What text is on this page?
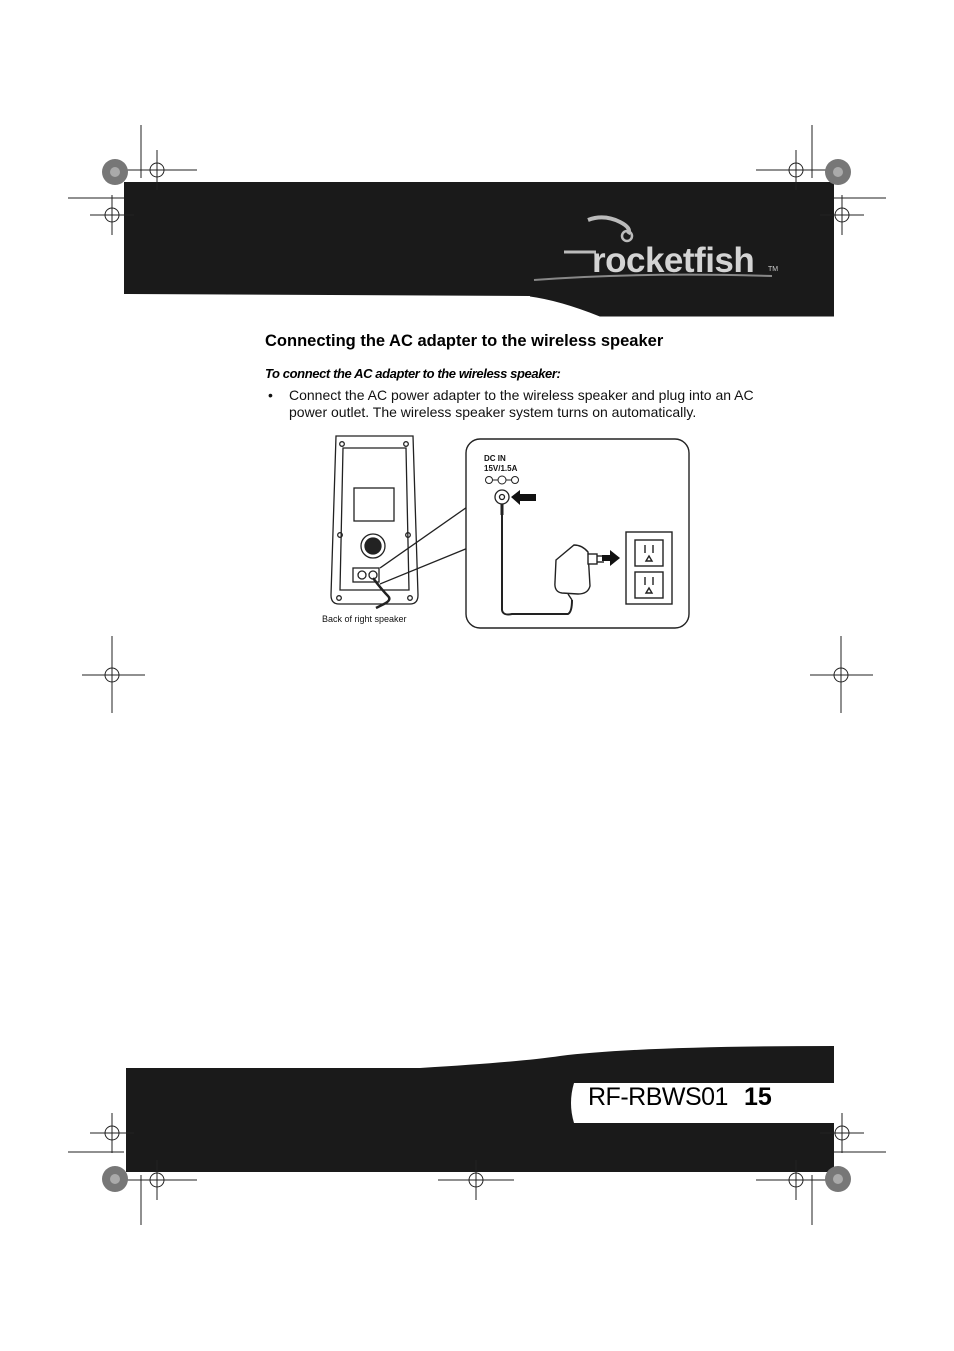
rocketfish TM
Connecting the AC adapter to the wireless speaker
To connect the AC adapter to the wireless speaker:
• Connect the AC power adapter to the wireless speaker and plug into an AC power outlet. The wireless speaker system turns on automatically.
DC IN
15V/1.5A
Back of right speaker
RF-RBWS01 15
